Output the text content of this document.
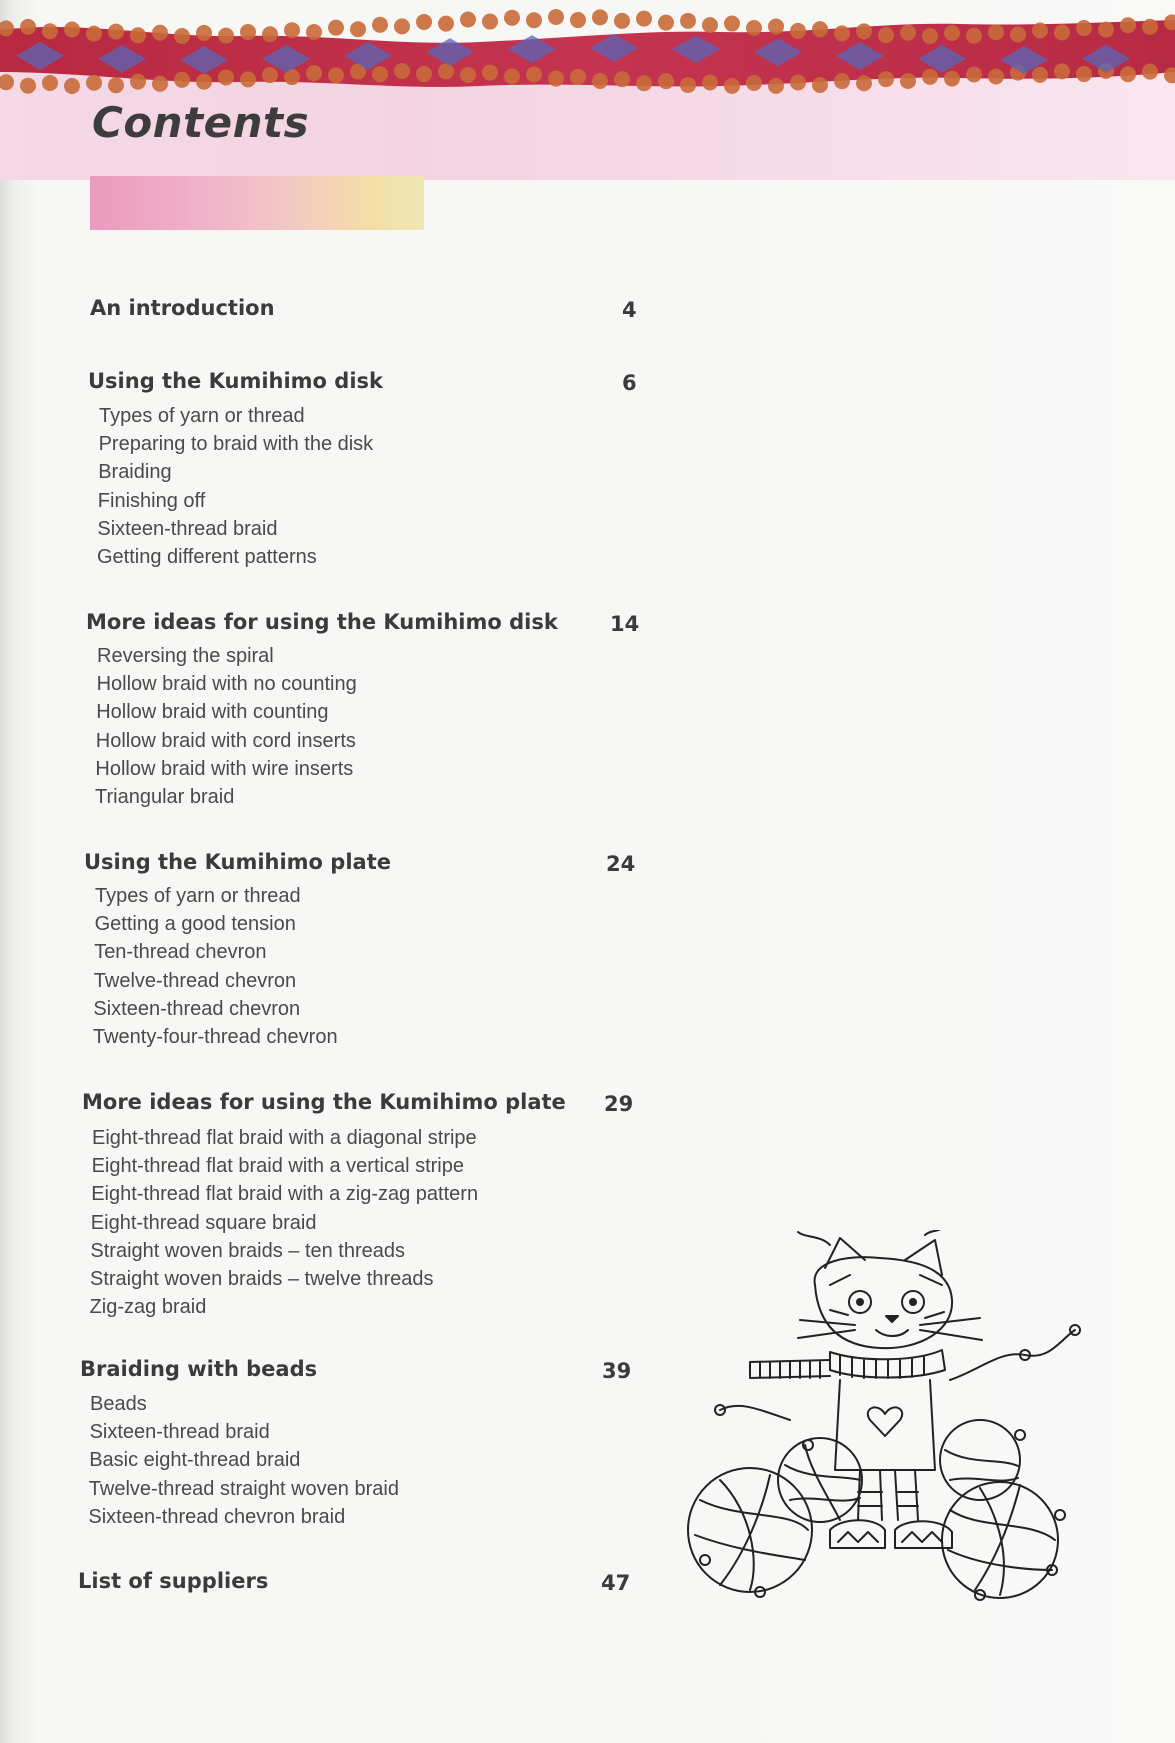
Contents
An introduction	4
Using the Kumihimo disk	6
Types of yarn or thread
Preparing to braid with the disk
Braiding
Finishing off
Sixteen-thread braid
Getting different patterns
More ideas for using the Kumihimo disk 14
Reversing the spiral
Hollow braid with no counting
Hollow braid with counting
Hollow braid with cord inserts
Hollow braid with wire inserts
Triangular braid
Using the Kumihimo plate	24
Types of yarn or thread
Getting a good tension
Ten-thread chevron
Twelve-thread chevron
Sixteen-thread chevron
Twenty-four-thread chevron
More ideas for using the Kumihimo plate 29
Eight-thread flat braid with a diagonal stripe
Eight-thread flat braid with a vertical stripe
Eight-thread flat braid with a zig-zag pattern
Eight-thread square braid
Straight woven braids – ten threads
Straight woven braids – twelve threads
Zig-zag braid
Braiding with beads	39
Beads
Sixteen-thread braid
Basic eight-thread braid
Twelve-thread straight woven braid
Sixteen-thread chevron braid
List of suppliers	47
